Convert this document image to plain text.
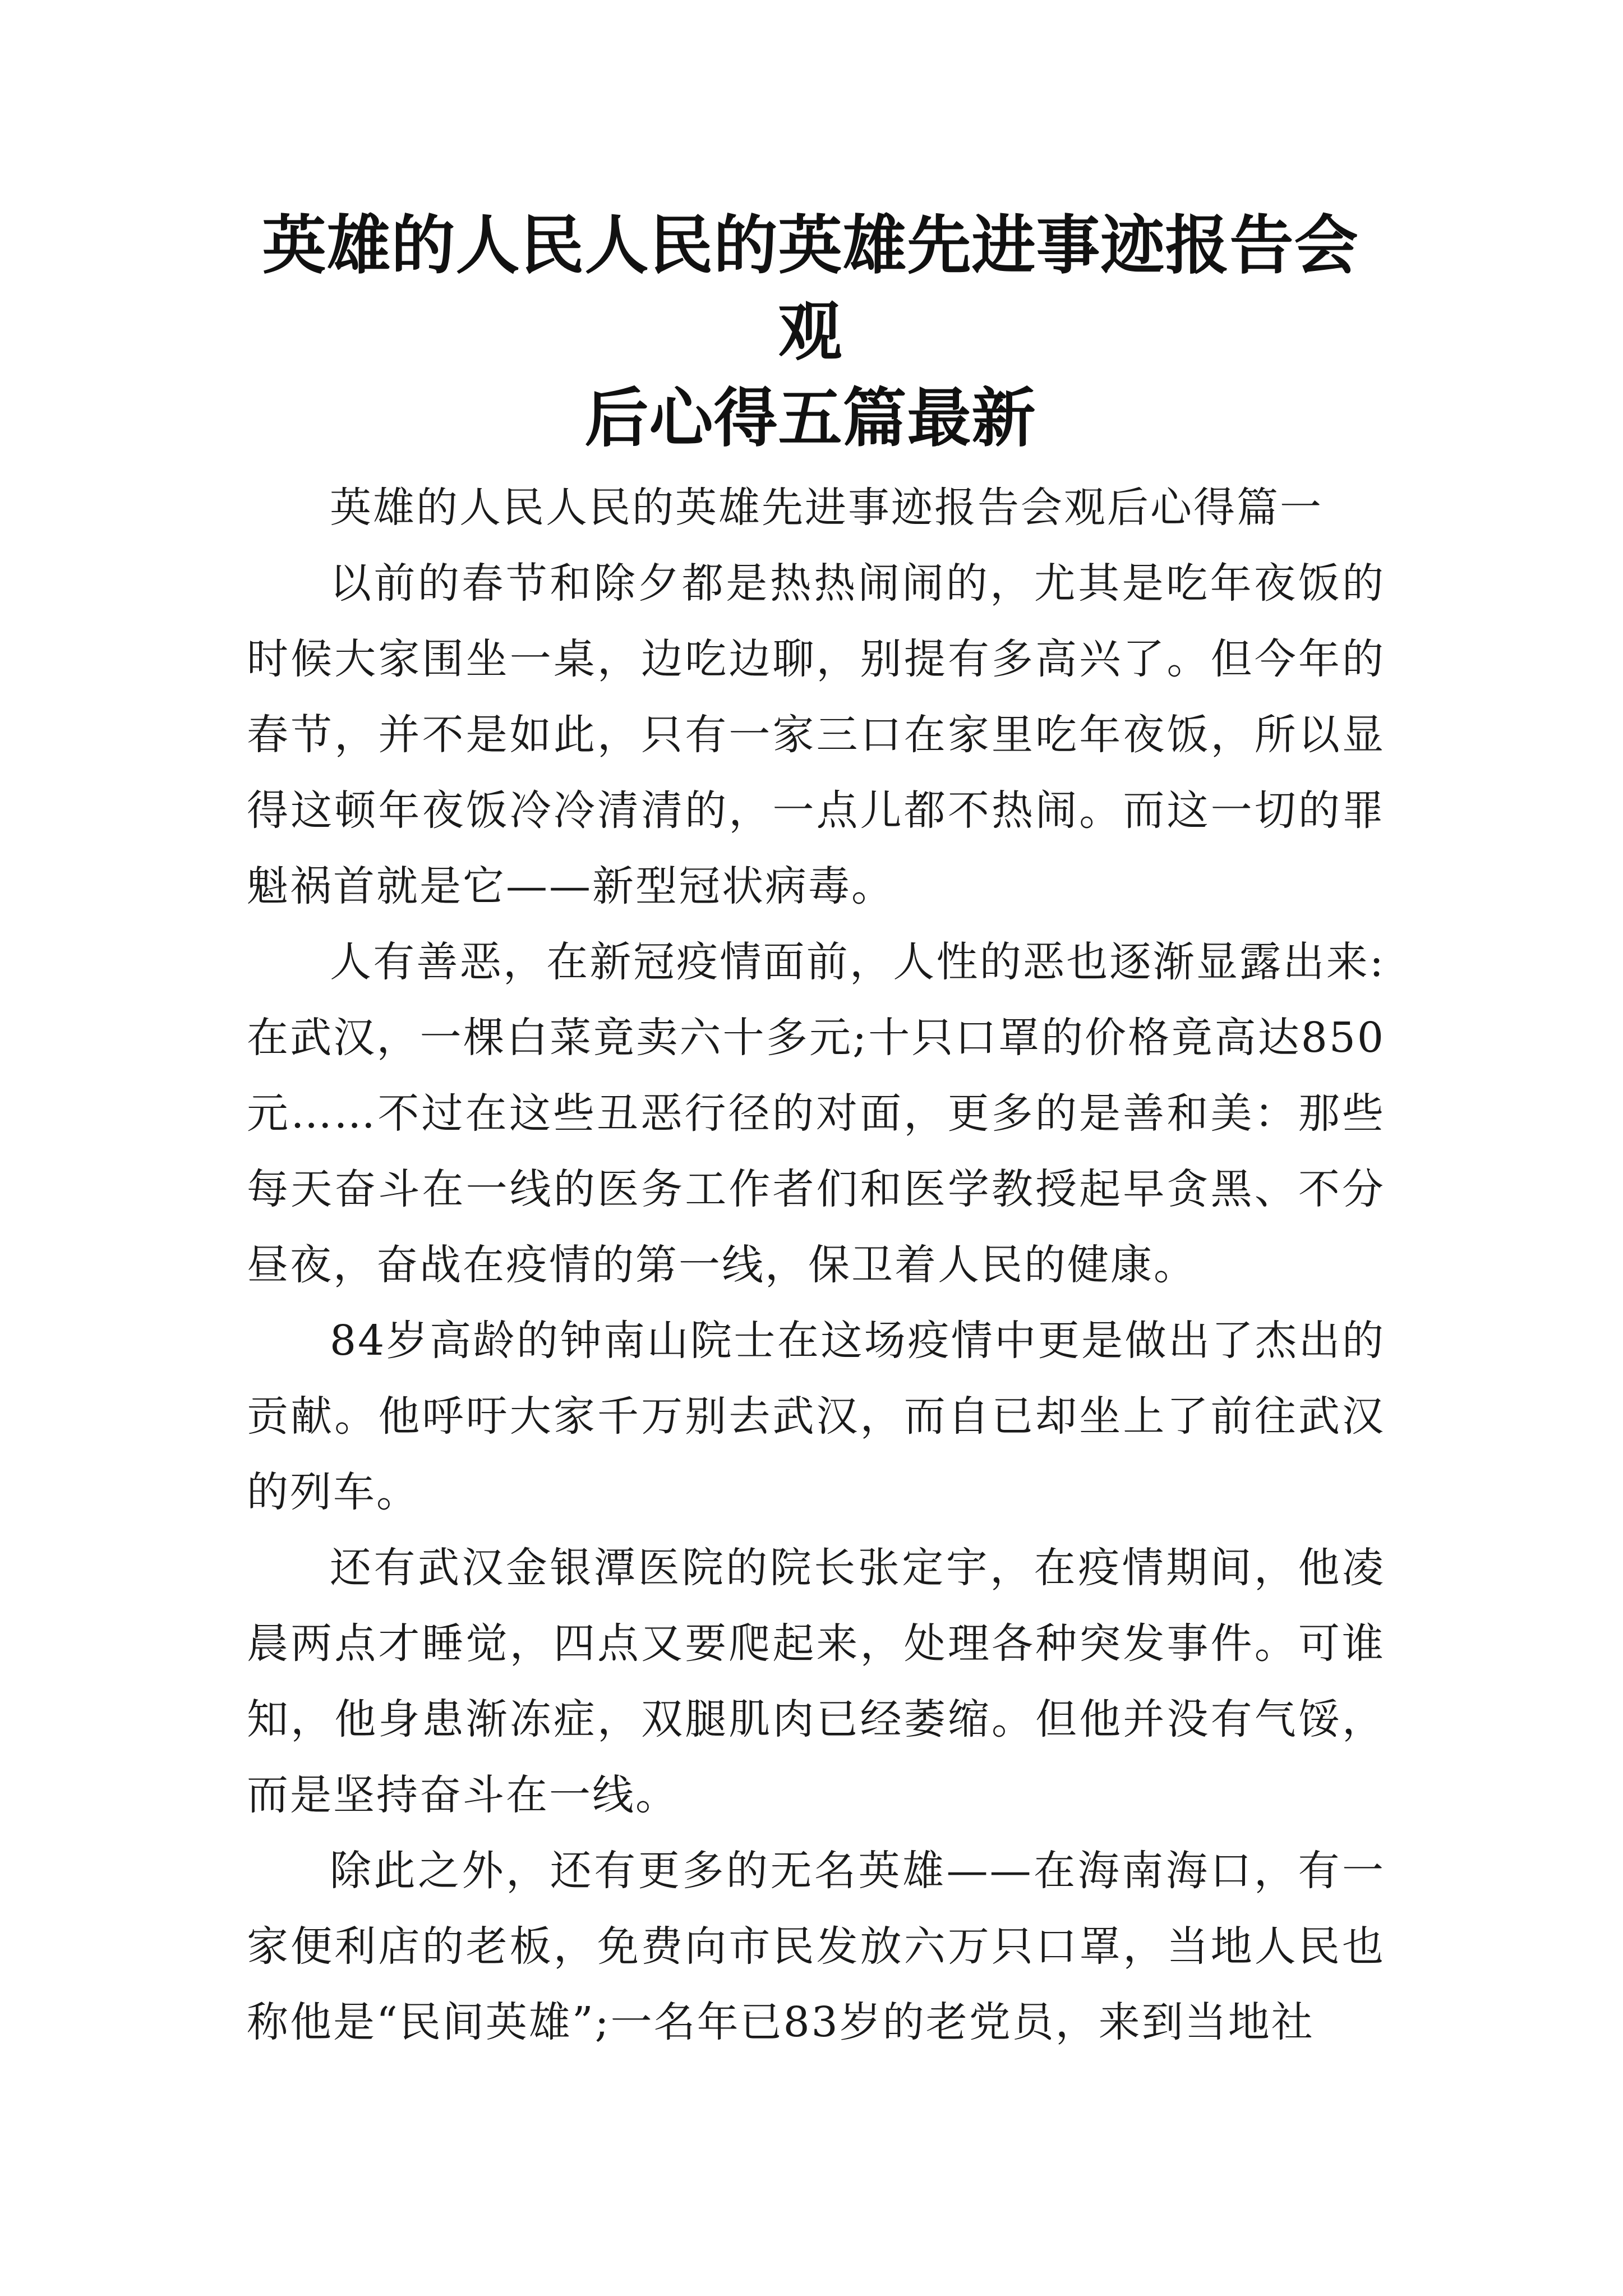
英雄的人民人民的英雄先进事迹报告会观
后心得五篇最新

英雄的人民人民的英雄先进事迹报告会观后心得篇一

以前的春节和除夕都是热热闹闹的，尤其是吃年夜饭的时候大家围坐一桌，边吃边聊，别提有多高兴了。但今年的春节，并不是如此，只有一家三口在家里吃年夜饭，所以显得这顿年夜饭冷冷清清的，一点儿都不热闹。而这一切的罪魁祸首就是它——新型冠状病毒。

人有善恶，在新冠疫情面前，人性的恶也逐渐显露出来:在武汉，一棵白菜竟卖六十多元;十只口罩的价格竟高达850元……不过在这些丑恶行径的对面，更多的是善和美：那些每天奋斗在一线的医务工作者们和医学教授起早贪黑、不分昼夜，奋战在疫情的第一线，保卫着人民的健康。

84岁高龄的钟南山院士在这场疫情中更是做出了杰出的贡献。他呼吁大家千万别去武汉，而自已却坐上了前往武汉的列车。

还有武汉金银潭医院的院长张定宇，在疫情期间，他凌晨两点才睡觉，四点又要爬起来，处理各种突发事件。可谁知，他身患渐冻症，双腿肌肉已经萎缩。但他并没有气馁，而是坚持奋斗在一线。

除此之外，还有更多的无名英雄——在海南海口，有一家便利店的老板，免费向市民发放六万只口罩，当地人民也称他是“民间英雄”;一名年已83岁的老党员，来到当地社
